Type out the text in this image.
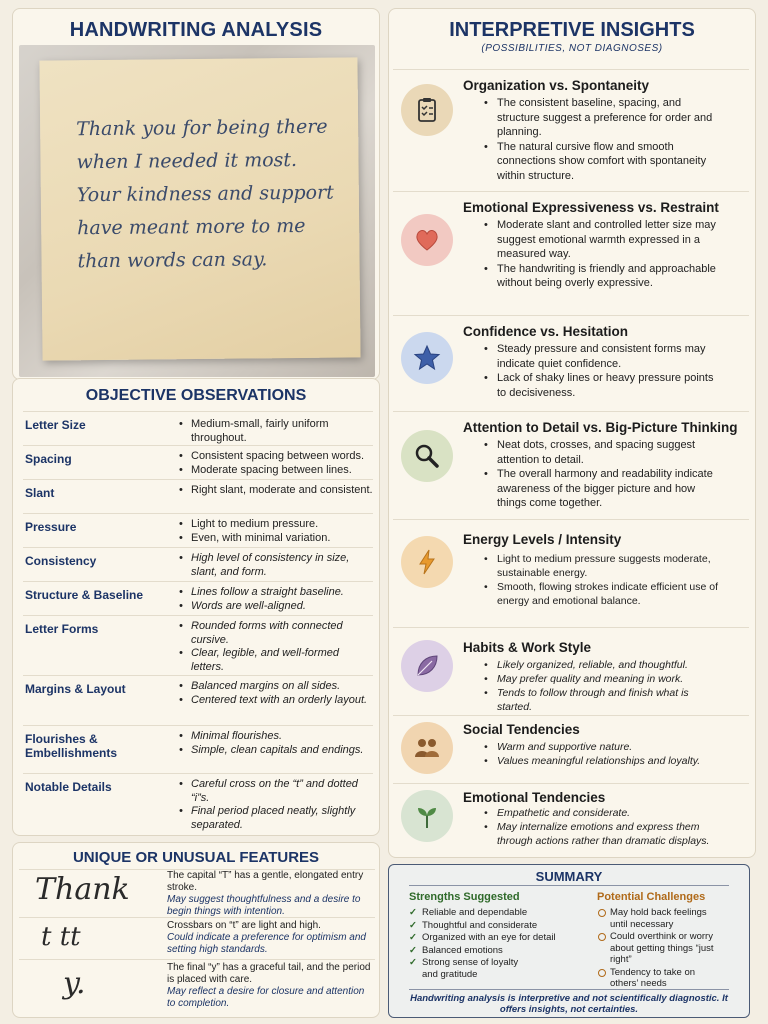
HANDWRITING ANALYSIS
Thank you for being there
when I needed it most.
Your kindness and support
have meant more to me
than words can say.
OBJECTIVE OBSERVATIONS
Letter Size	• Medium-small, fairly uniform throughout.
Spacing	• Consistent spacing between words.
• Moderate spacing between lines.
Slant	• Right slant, moderate and consistent.
Pressure	• Light to medium pressure.
• Even, with minimal variation.
Consistency	• High level of consistency in size, slant, and form.
Structure & Baseline	• Lines follow a straight baseline.
• Words are well-aligned.
Letter Forms	• Rounded forms with connected cursive.
• Clear, legible, and well-formed letters.
Margins & Layout	• Balanced margins on all sides.
• Centered text with an orderly layout.
Flourishes & Embellishments
• Minimal flourishes.
• Simple, clean capitals and endings.
Notable Details	• Careful cross on the “t” and dotted “i”s.
• Final period placed neatly, slightly separated.
UNIQUE OR UNUSUAL FEATURES
Thank	The capital “T” has a gentle, elongated entry stroke.
May suggest thoughtfulness and a desire to begin things with intention.
t tt	Crossbars on “t” are light and high.
Could indicate a preference for optimism and setting high standards.
y.	The final “y” has a graceful tail, and the period is placed with care.
May reflect a desire for closure and attention to completion.
INTERPRETIVE INSIGHTS
(POSSIBILITIES, NOT DIAGNOSES)
Organization vs. Spontaneity
• The consistent baseline, spacing, and structure suggest a preference for order and planning.
• The natural cursive flow and smooth connections show comfort with spontaneity within structure.
Emotional Expressiveness vs. Restraint
• Moderate slant and controlled letter size may suggest emotional warmth expressed in a measured way.
• The handwriting is friendly and approachable without being overly expressive.
Confidence vs. Hesitation
• Steady pressure and consistent forms may indicate quiet confidence.
• Lack of shaky lines or heavy pressure points to decisiveness.
Attention to Detail vs. Big-Picture Thinking
• Neat dots, crosses, and spacing suggest attention to detail.
• The overall harmony and readability indicate awareness of the bigger picture and how things come together.
Energy Levels / Intensity
• Light to medium pressure suggests moderate, sustainable energy.
• Smooth, flowing strokes indicate efficient use of energy and emotional balance.
Habits & Work Style
• Likely organized, reliable, and thoughtful.
• May prefer quality and meaning in work.
• Tends to follow through and finish what is started.
Social Tendencies
• Warm and supportive nature.
• Values meaningful relationships and loyalty.
Emotional Tendencies
• Empathetic and considerate.
• May internalize emotions and express them through actions rather than dramatic displays.
SUMMARY
Strengths Suggested
✓ Reliable and dependable
✓ Thoughtful and considerate
✓ Organized with an eye for detail
✓ Balanced emotions
✓ Strong sense of loyalty and gratitude
Potential Challenges
May hold back feelings until necessary
Could overthink or worry about getting things “just right”
Tendency to take on others’ needs
Handwriting analysis is interpretive and not scientifically diagnostic. It offers insights, not certainties.
